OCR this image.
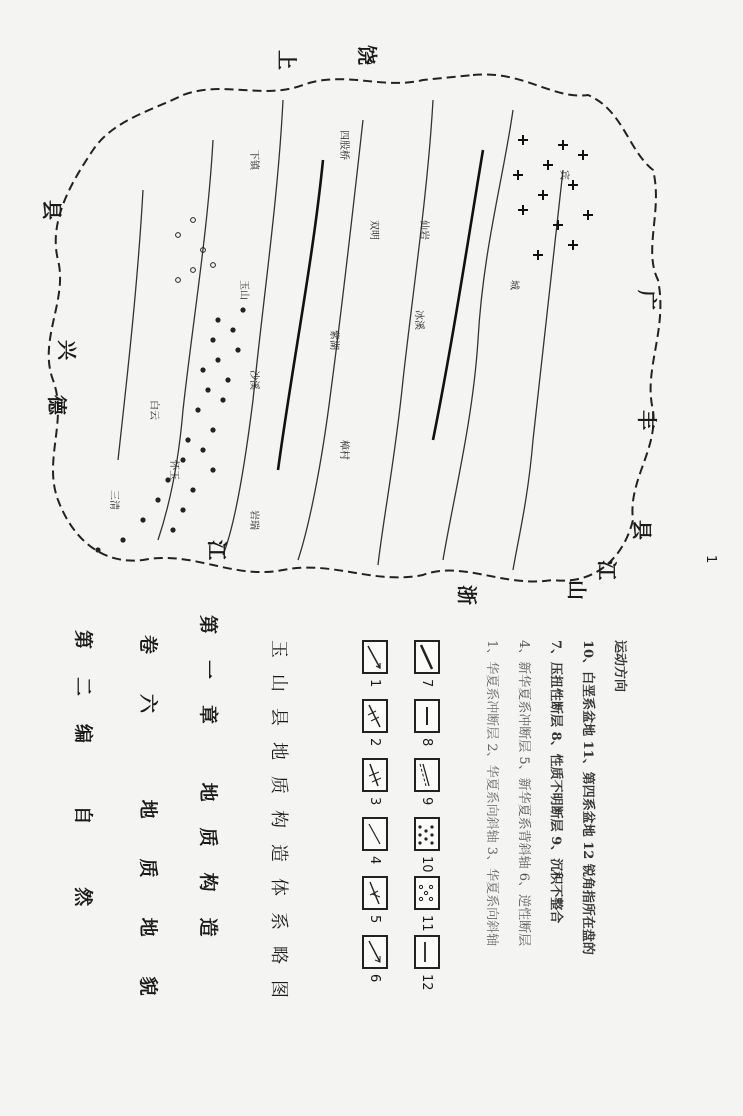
第二编 自 然 卷六 地质地貌 第一章 地质构造	玉山县地质构造体系略图	1
2
3
4
5
6
7
8
9
10
11
12
1、华夏系冲断层 2、华夏系向斜轴 3、华夏系向斜轴	4、新华夏系冲断层 5、新华夏系背斜轴 6、逆性断层	7、压扭性断层 8、性质不明断层 9、沉积不整合	10、白垩系盆地 11、第四系盆地 12 锐角指所在盘的	运动方向
1
德
兴
县
广
丰
县
江
山
浙
江
上	饶
宾
城
仙岩
紫湖
沙溪
玉山
双明
冰溪
下镇	四股桥
樟村
怀玉
三清
白云
岩瑞
